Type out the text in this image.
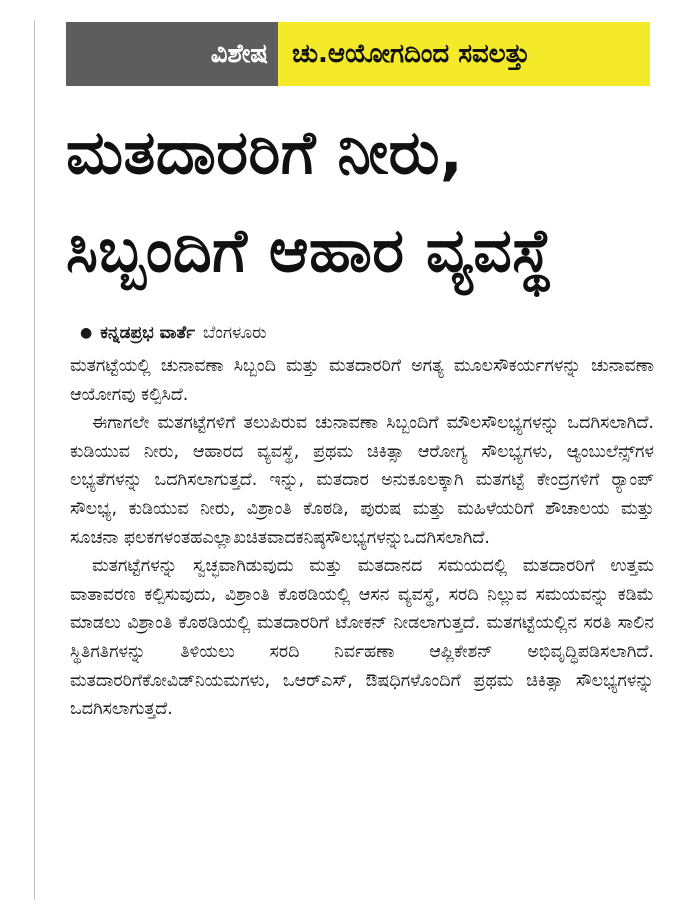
ವಿಶೇಷ ಚು.ಆಯೋಗದಿಂದ ಸವಲತ್ತು
ಮತದಾರರಿಗೆ ನೀರು,
ಸಿಬ್ಬಂದಿಗೆ ಆಹಾರ ವ್ಯವಸ್ಥೆ
● ಕನ್ನಡಪ್ರಭ ವಾರ್ತೆ ಬೆಂಗಳೂರು

ಮತಗಟ್ಟೆಯಲ್ಲಿ ಚುನಾವಣಾ ಸಿಬ್ಬಂದಿ ಮತ್ತು ಮತದಾರರಿಗೆ ಅಗತ್ಯ ಮೂಲಸೌಕರ್ಯಗಳನ್ನು ಚುನಾವಣಾ ಆಯೋಗವು ಕಲ್ಪಿಸಿದೆ.

ಈಗಾಗಲೇ ಮತಗಟ್ಟೆಗಳಿಗೆ ತಲುಪಿರುವ ಚುನಾವಣಾ ಸಿಬ್ಬಂದಿಗೆ ಮೌಲಸೌಲಭ್ಯಗಳನ್ನು ಒದಗಿಸಲಾಗಿದೆ. ಕುಡಿಯುವ ನೀರು, ಆಹಾರದ ವ್ಯವಸ್ಥೆ, ಪ್ರಥಮ ಚಿಕಿತ್ಸಾ ಆರೋಗ್ಯ ಸೌಲಭ್ಯಗಳು, ಆ್ಯಂಬುಲೆನ್ಸ್‌ಗಳ ಲಭ್ಯತೆಗಳನ್ನು ಒದಗಿಸಲಾಗುತ್ತದೆ. ಇನ್ನು, ಮತದಾರ ಅನುಕೂಲಕ್ಕಾಗಿ ಮತಗಟ್ಟೆ ಕೇಂದ್ರಗಳಿಗೆ ರ್‍ಯಾಂಪ್ ಸೌಲಭ್ಯ, ಕುಡಿಯುವ ನೀರು, ವಿಶ್ರಾಂತಿ ಕೊಠಡಿ, ಪುರುಷ ಮತ್ತು ಮಹಿಳೆಯರಿಗೆ ಶೌಚಾಲಯ ಮತ್ತು ಸೂಚನಾ ಫಲಕಗಳಂತಹಎಲ್ಲಾಖಚಿತವಾದಕನಿಷ್ಠಸೌಲಭ್ಯಗಳನ್ನುಒದಗಿಸಲಾಗಿದೆ.

ಮತಗಟ್ಟೆಗಳನ್ನು ಸ್ವಚ್ಛವಾಗಿಡುವುದು ಮತ್ತು ಮತದಾನದ ಸಮಯದಲ್ಲಿ ಮತದಾರರಿಗೆ ಉತ್ತಮ ವಾತಾವರಣ ಕಲ್ಪಿಸುವುದು, ವಿಶ್ರಾಂತಿ ಕೊಠಡಿಯಲ್ಲಿ ಆಸನ ವ್ಯವಸ್ಥೆ, ಸರದಿ ನಿಲ್ಲುವ ಸಮಯವನ್ನು ಕಡಿಮೆ ಮಾಡಲು ವಿಶ್ರಾಂತಿ ಕೊಠಡಿಯಲ್ಲಿ ಮತದಾರರಿಗೆ ಟೋಕನ್ ನೀಡಲಾಗುತ್ತದೆ. ಮತಗಟ್ಟೆಯಲ್ಲಿನ ಸರತಿ ಸಾಲಿನ ಸ್ಥಿತಿಗತಿಗಳನ್ನು ತಿಳಿಯಲು ಸರದಿ ನಿರ್ವಹಣಾ ಆಪ್ಲಿಕೇಶನ್ ಅಭಿವೃದ್ಧಿಪಡಿಸಲಾಗಿದೆ. ಮತದಾರರಿಗೆಕೋವಿಡ್‌ನಿಯಮಗಳು, ಒಆರ್‌ಎಸ್, ಔಷಧಿಗಳೊಂದಿಗೆ ಪ್ರಥಮ ಚಿಕಿತ್ಸಾ ಸೌಲಭ್ಯಗಳನ್ನು ಒದಗಿಸಲಾಗುತ್ತದೆ.
